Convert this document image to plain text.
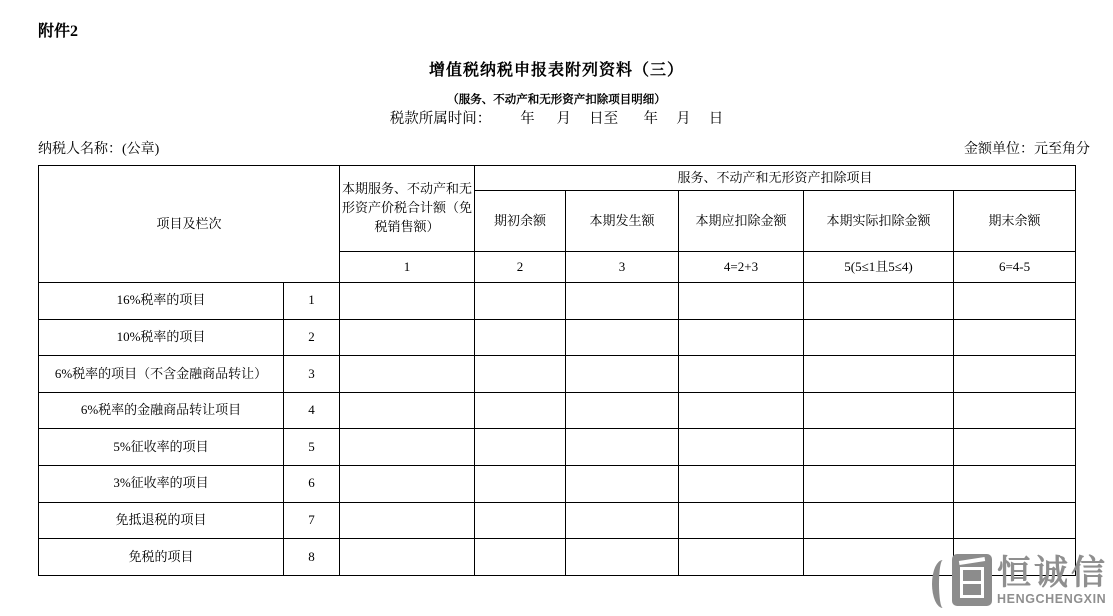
附件2
增值税纳税申报表附列资料（三）
（服务、不动产和无形资产扣除项目明细）
税款所属时间：        年      月     日至       年     月     日
纳税人名称：(公章)	金额单位：元至角分
项目及栏次		本期服务、不动产和无形资产价税合计额（免税销售额）	服务、不动产和无形资产扣除项目				
			期初余额	本期发生额	本期应扣除金额	本期实际扣除金额	期末余额
		1	2	3	4=2+3	5(5≤1且5≤4)	6=4-5
16%税率的项目	1						
10%税率的项目	2						
6%税率的项目（不含金融商品转让）	3						
6%税率的金融商品转让项目	4						
5%征收率的项目	5						
3%征收率的项目	6						
免抵退税的项目	7						
免税的项目	8							恒诚信
HENGCHENGXIN
